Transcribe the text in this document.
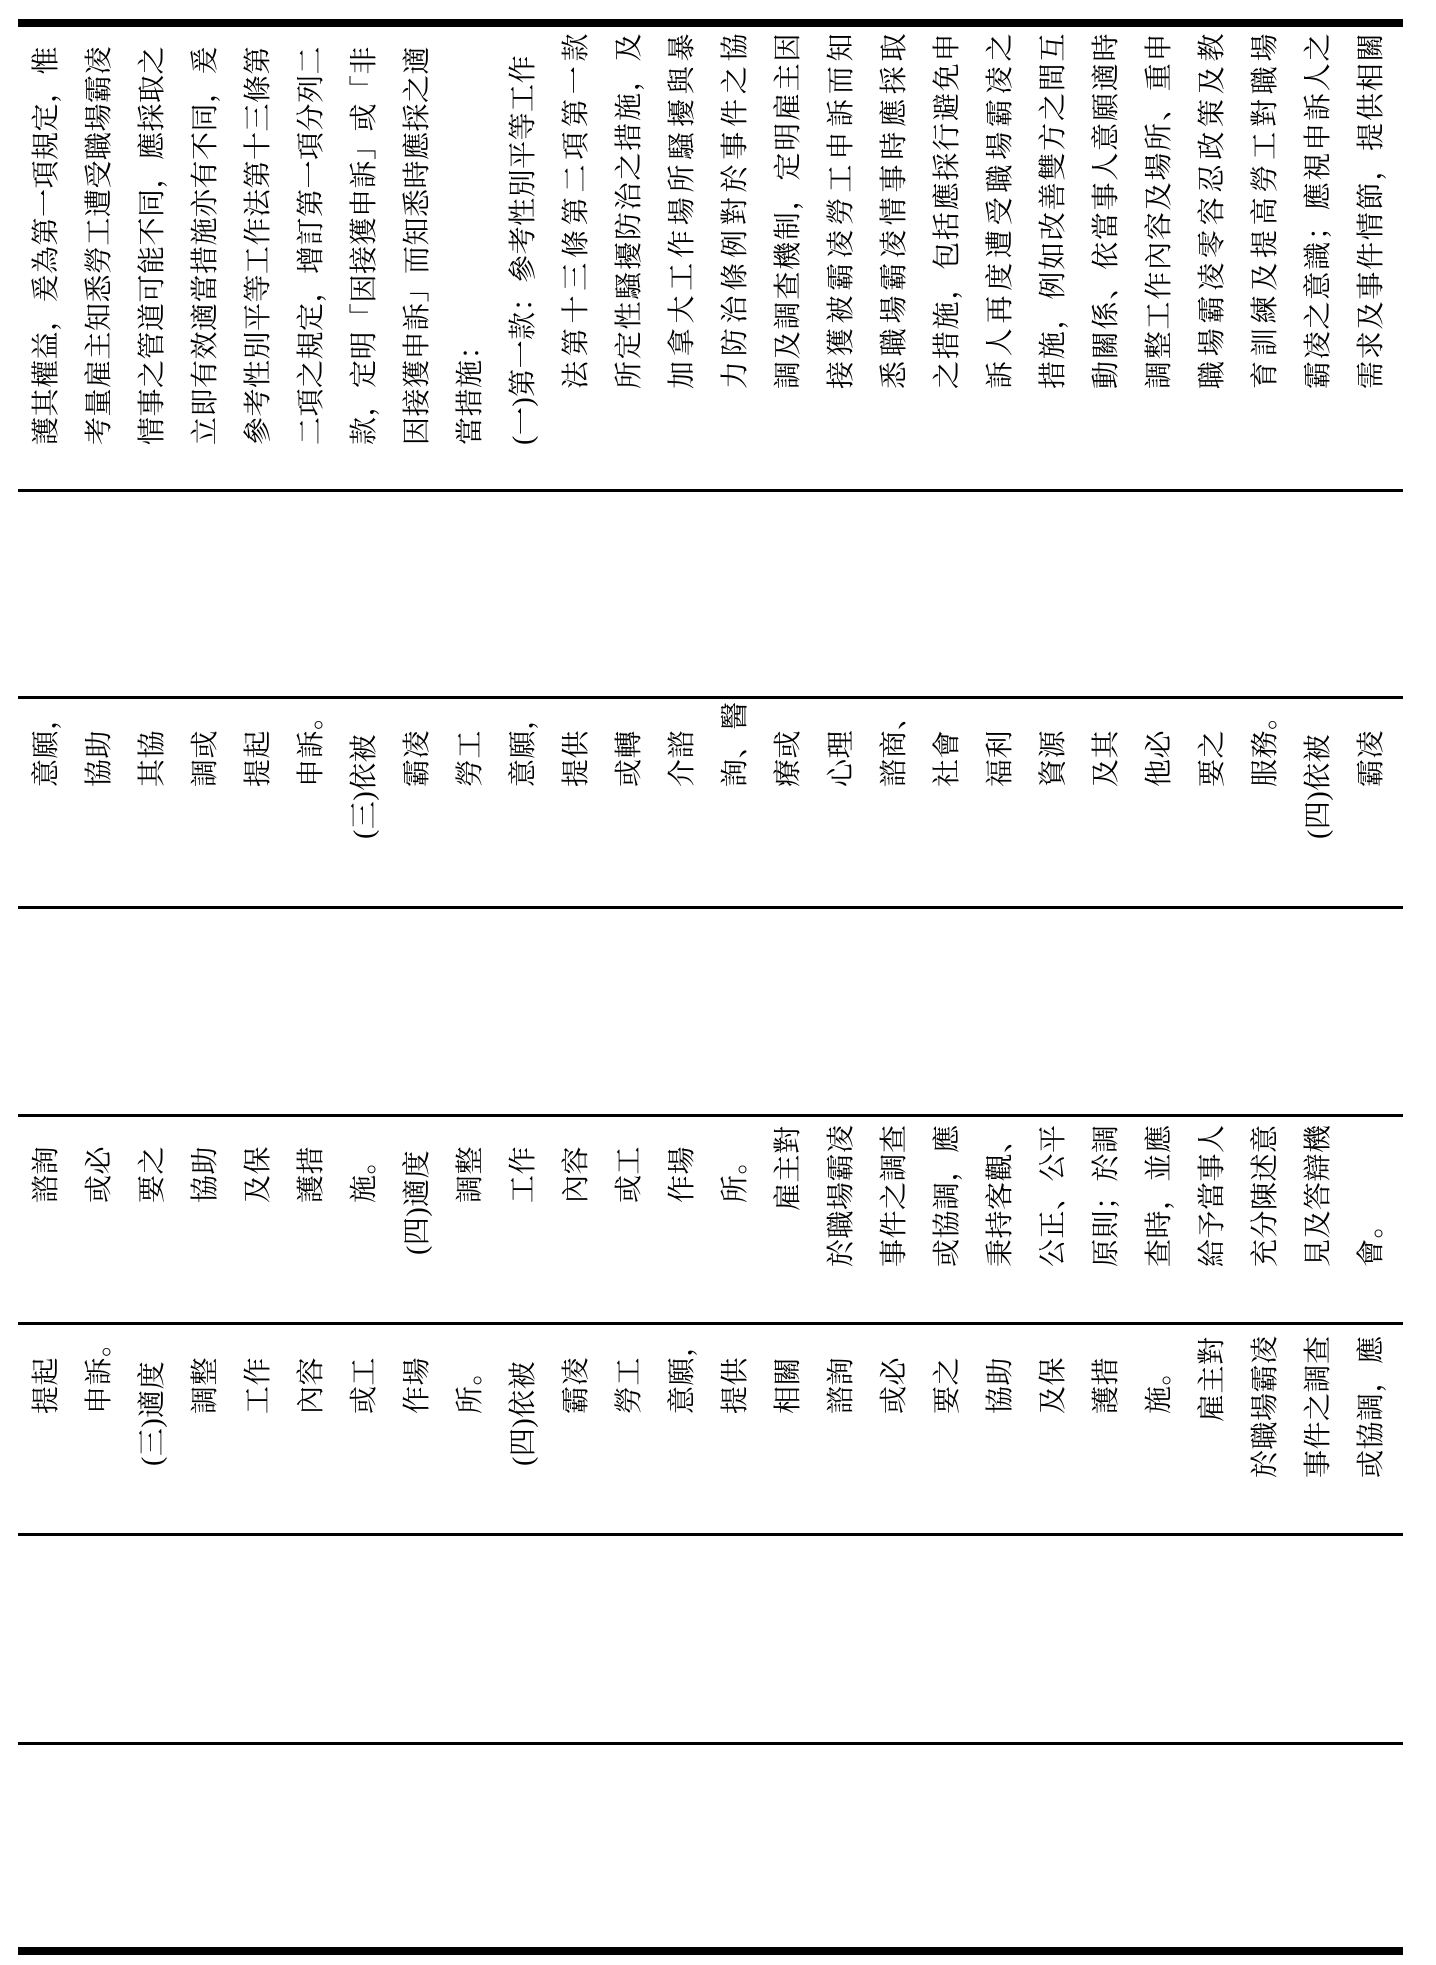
護其權益，爰為第一項規定，惟 考量雇主知悉勞工遭受職場霸凌 情事之管道可能不同，應採取之 立即有效適當措施亦有不同，爰 參考性別平等工作法第十三條第 二項之規定，增訂第一項分列二 款，定明「因接獲申訴」或「非 因接獲申訴」而知悉時應採之適 當措施： (一)第一款：參考性別平等工作 法第十三條第二項第一款 所定性騷擾防治之措施，及 加拿大工作場所騷擾與暴 力防治條例對於事件之協 調及調查機制，定明雇主因 接獲被霸凌勞工申訴而知 悉職場霸凌情事時應採取 之措施，包括應採行避免申 訴人再度遭受職場霸凌之 措施，例如改善雙方之間互 動關係、依當事人意願適時 調整工作內容及場所、重申 職場霸凌零容忍政策及教 育訓練及提高勞工對職場 霸凌之意識；應視申訴人之 需求及事件情節，提供相關
意願， 協助 其協 調或 提起 申訴。 (三)依被 霸凌 勞工 意願， 提供 或轉 介諮 詢、醫 療或 心理 諮商、 社會 福利 資源 及其 他必 要之 服務。 (四)依被 霸凌
諮詢 或必 要之 協助 及保 護措 施。 (四)適度 調整 工作 內容 或工 作場 所。 雇主對 於職場霸凌 事件之調查 或協調，應 秉持客觀、 公正、公平 原則；於調 查時，並應 給予當事人 充分陳述意 見及答辯機 會。
提起 申訴。 (三)適度 調整 工作 內容 或工 作場 所。 (四)依被 霸凌 勞工 意願， 提供 相關 諮詢 或必 要之 協助 及保 護措 施。 雇主對 於職場霸凌 事件之調查 或協調，應
